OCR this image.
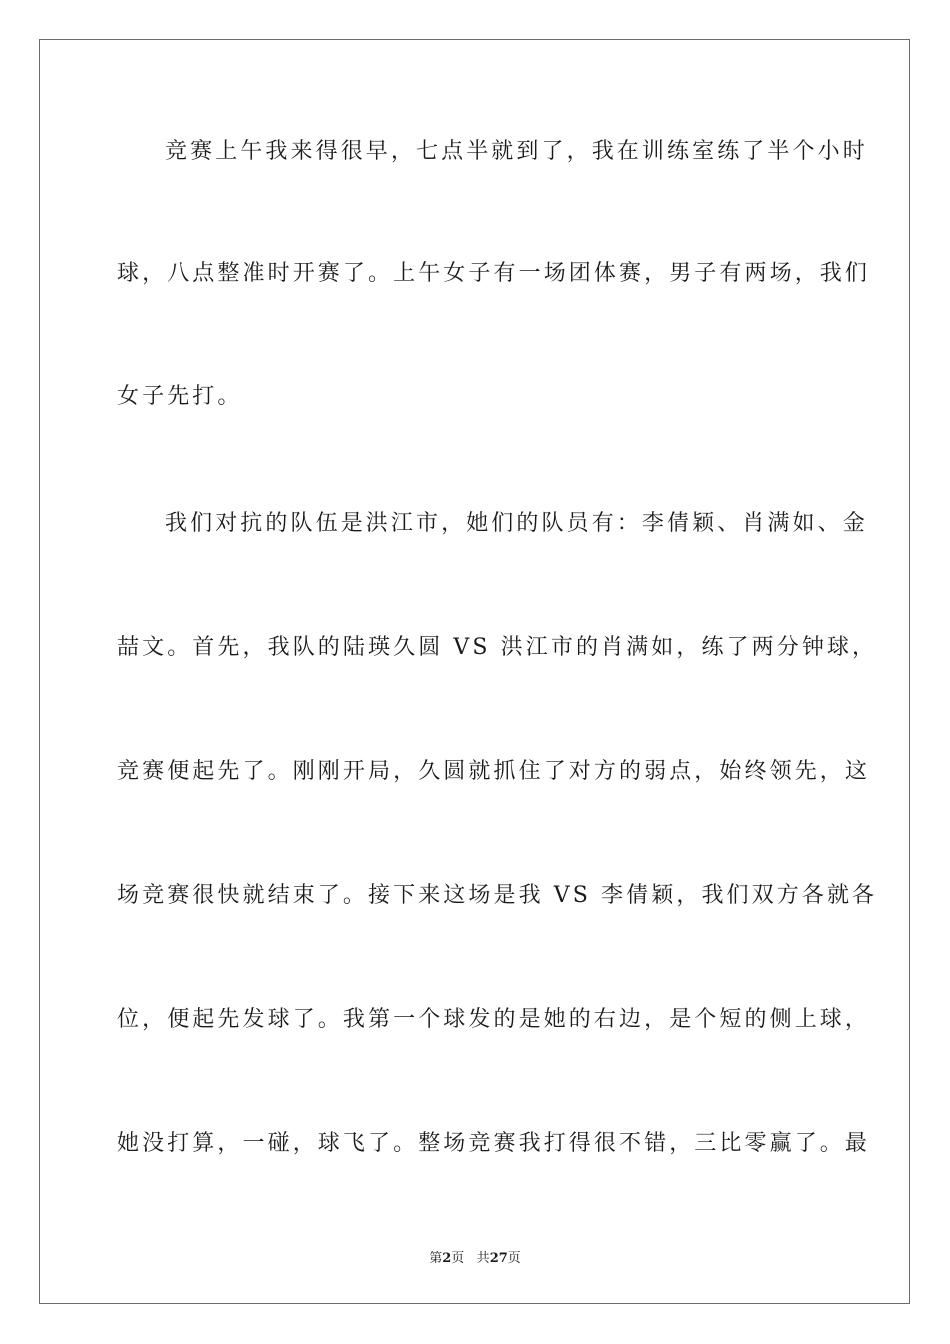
竞赛上午我来得很早，七点半就到了，我在训练室练了半个小时
球，八点整准时开赛了。上午女子有一场团体赛，男子有两场，我们
女子先打。
我们对抗的队伍是洪江市，她们的队员有：李倩颖、肖满如、金
喆文。首先，我队的陆瑛久圆 VS 洪江市的肖满如，练了两分钟球，
竞赛便起先了。刚刚开局，久圆就抓住了对方的弱点，始终领先，这
场竞赛很快就结束了。接下来这场是我 VS 李倩颖，我们双方各就各
位，便起先发球了。我第一个球发的是她的右边，是个短的侧上球，
她没打算，一碰，球飞了。整场竞赛我打得很不错，三比零赢了。最
第2页 共27页
